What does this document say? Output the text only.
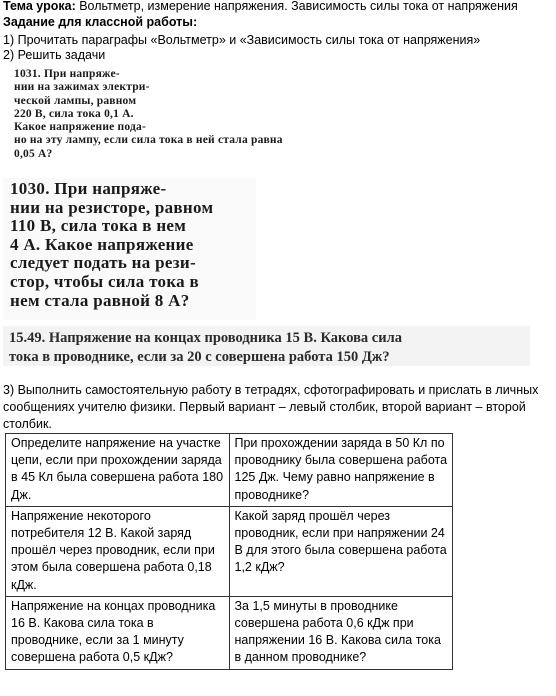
Тема урока: Вольтметр, измерение напряжения. Зависимость силы тока от напряжения
Задание для классной работы:
1) Прочитать параграфы «Вольтметр» и «Зависимость силы тока от напряжения»
2) Решить задачи
1031. При напряже-
нии на зажимах электри-
ческой лампы, равном
220 В, сила тока 0,1 А.
Какое напряжение пода-
но на эту лампу, если сила тока в ней стала равна
0,05 А?
1030. При напряже-
нии на резисторе, равном
110 В, сила тока в нем
4 А. Какое напряжение
следует подать на рези-
стор, чтобы сила тока в
нем стала равной 8 А?
15.49. Напряжение на концах проводника 15 В. Какова сила
тока в проводнике, если за 20 с совершена работа 150 Дж?
3) Выполнить самостоятельную работу в тетрадях, сфотографировать и прислать в личных сообщениях учителю физики. Первый вариант – левый столбик, второй вариант – второй столбик.
Определите напряжение на участке цепи, если при прохождении заряда в 45 Кл была совершена работа 180 Дж.	При прохождении заряда в 50 Кл по проводнику была совершена работа 125 Дж. Чему равно напряжение в проводнике?
Напряжение некоторого потребителя 12 В. Какой заряд прошёл через проводник, если при этом была совершена работа 0,18 кДж.	Какой заряд прошёл через проводник, если при напряжении 24 В для этого была совершена работа 1,2 кДж?
Напряжение на концах проводника 16 В. Какова сила тока в проводнике, если за 1 минуту совершена работа 0,5 кДж?	За 1,5 минуты в проводнике совершена работа 0,6 кДж при напряжении 16 В. Какова сила тока в данном проводнике?
